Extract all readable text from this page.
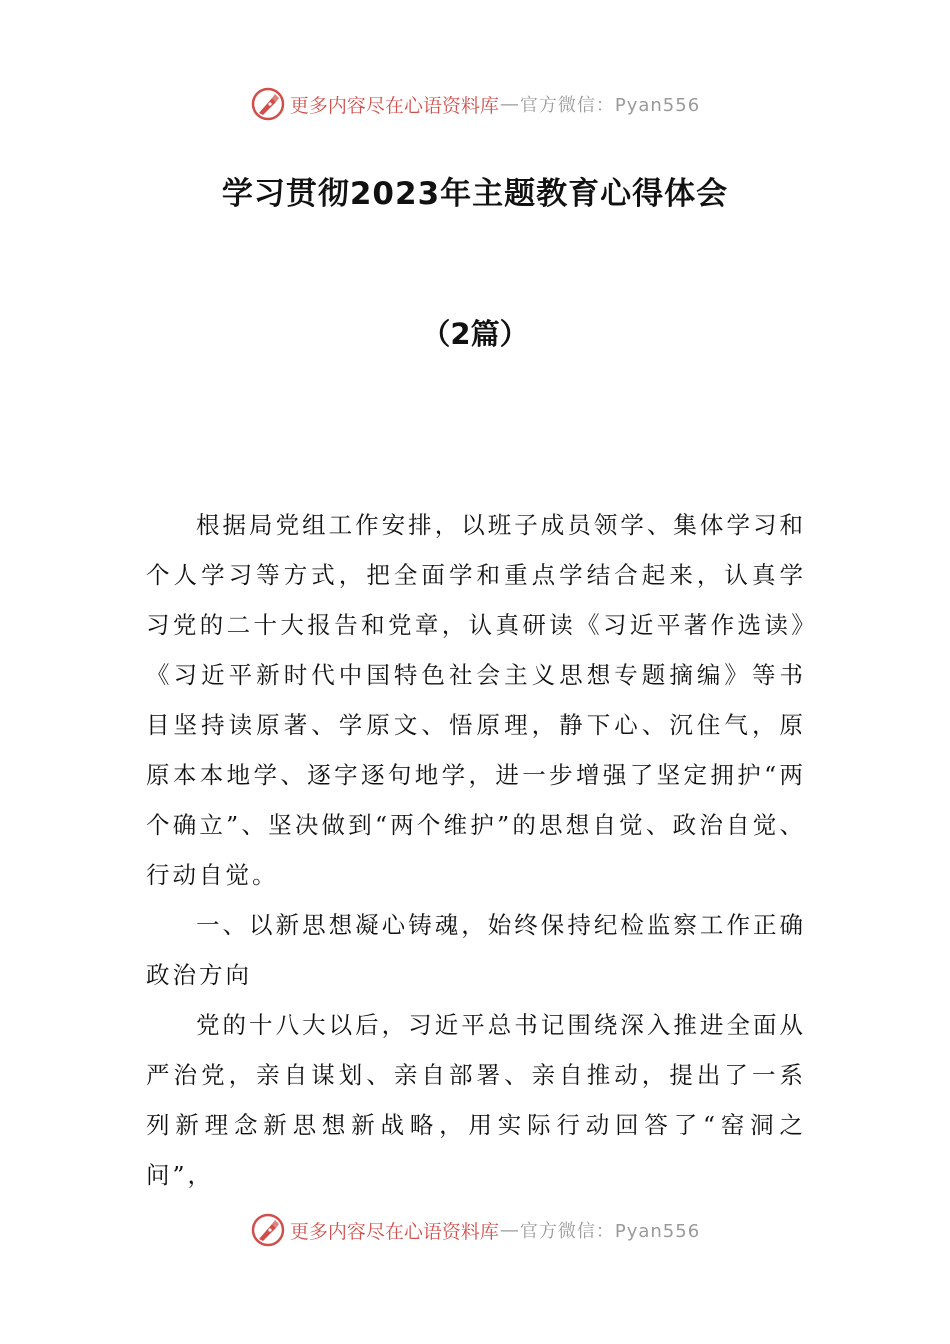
更多内容尽在心语资料库 — 官方微信：Pyan556
学习贯彻2023年主题教育心得体会
（2篇）

根据局党组工作安排，以班子成员领学、集体学习和个人学习等方式，把全面学和重点学结合起来，认真学习党的二十大报告和党章，认真研读《习近平著作选读》《习近平新时代中国特色社会主义思想专题摘编》等书目坚持读原著、学原文、悟原理，静下心、沉住气，原原本本地学、逐字逐句地学，进一步增强了坚定拥护“两个确立”、坚决做到“两个维护”的思想自觉、政治自觉、行动自觉。

一、以新思想凝心铸魂，始终保持纪检监察工作正确政治方向

党的十八大以后，习近平总书记围绕深入推进全面从严治党，亲自谋划、亲自部署、亲自推动，提出了一系列新理念新思想新战略，用实际行动回答了“窑洞之问”，

更多内容尽在心语资料库 — 官方微信：Pyan556
